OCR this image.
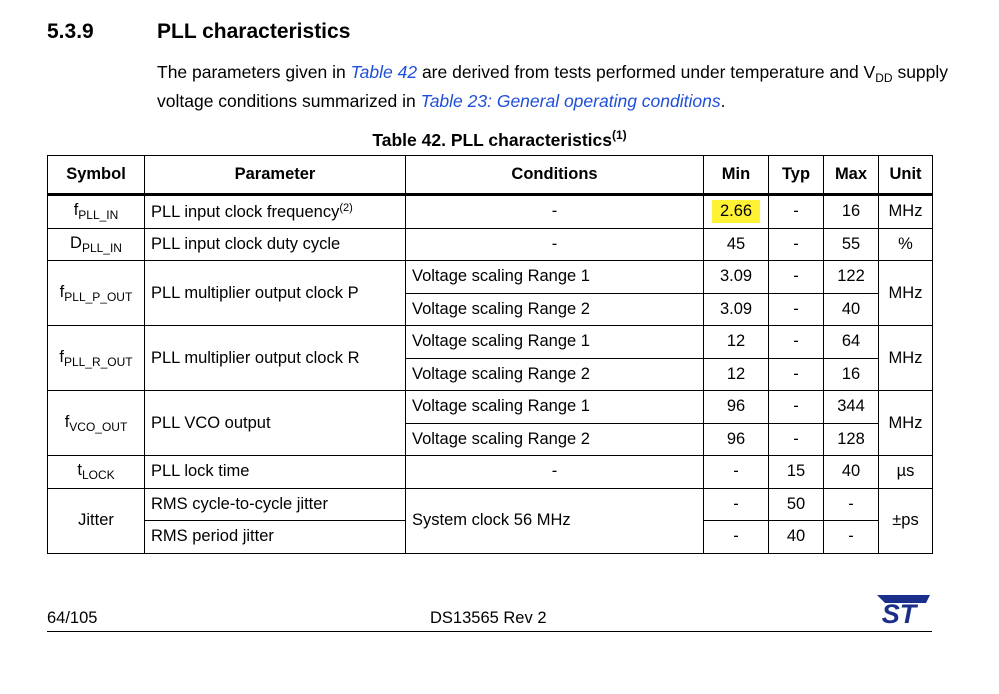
5.3.9	PLL characteristics
The parameters given in Table 42 are derived from tests performed under temperature and $V_{DD}$ supply voltage conditions summarized in Table 23: General operating conditions.
Table 42. PLL characteristics$^{(1)}$
Symbol	Parameter	Conditions	Min	Typ	Max	Unit
$f_{PLL\_IN}$	PLL input clock frequency$^{(2)}$	-	2.66	-	16	MHz
$D_{PLL\_IN}$	PLL input clock duty cycle	-	45	-	55	%
$f_{PLL\_P\_OUT}$	PLL multiplier output clock P	Voltage scaling Range 1	3.09	-	122	MHz
		Voltage scaling Range 2	3.09	-	40	
$f_{PLL\_R\_OUT}$	PLL multiplier output clock R	Voltage scaling Range 1	12	-	64	MHz
		Voltage scaling Range 2	12	-	16	
$f_{VCO\_OUT}$	PLL VCO output	Voltage scaling Range 1	96	-	344	MHz
		Voltage scaling Range 2	96	-	128	
$t_{LOCK}$	PLL lock time	-	-	15	40	µs
Jitter	RMS cycle-to-cycle jitter	System clock 56 MHz	-	50	-	±ps
	RMS period jitter		-	40	-	
64/105	DS13565 Rev 2	ST
